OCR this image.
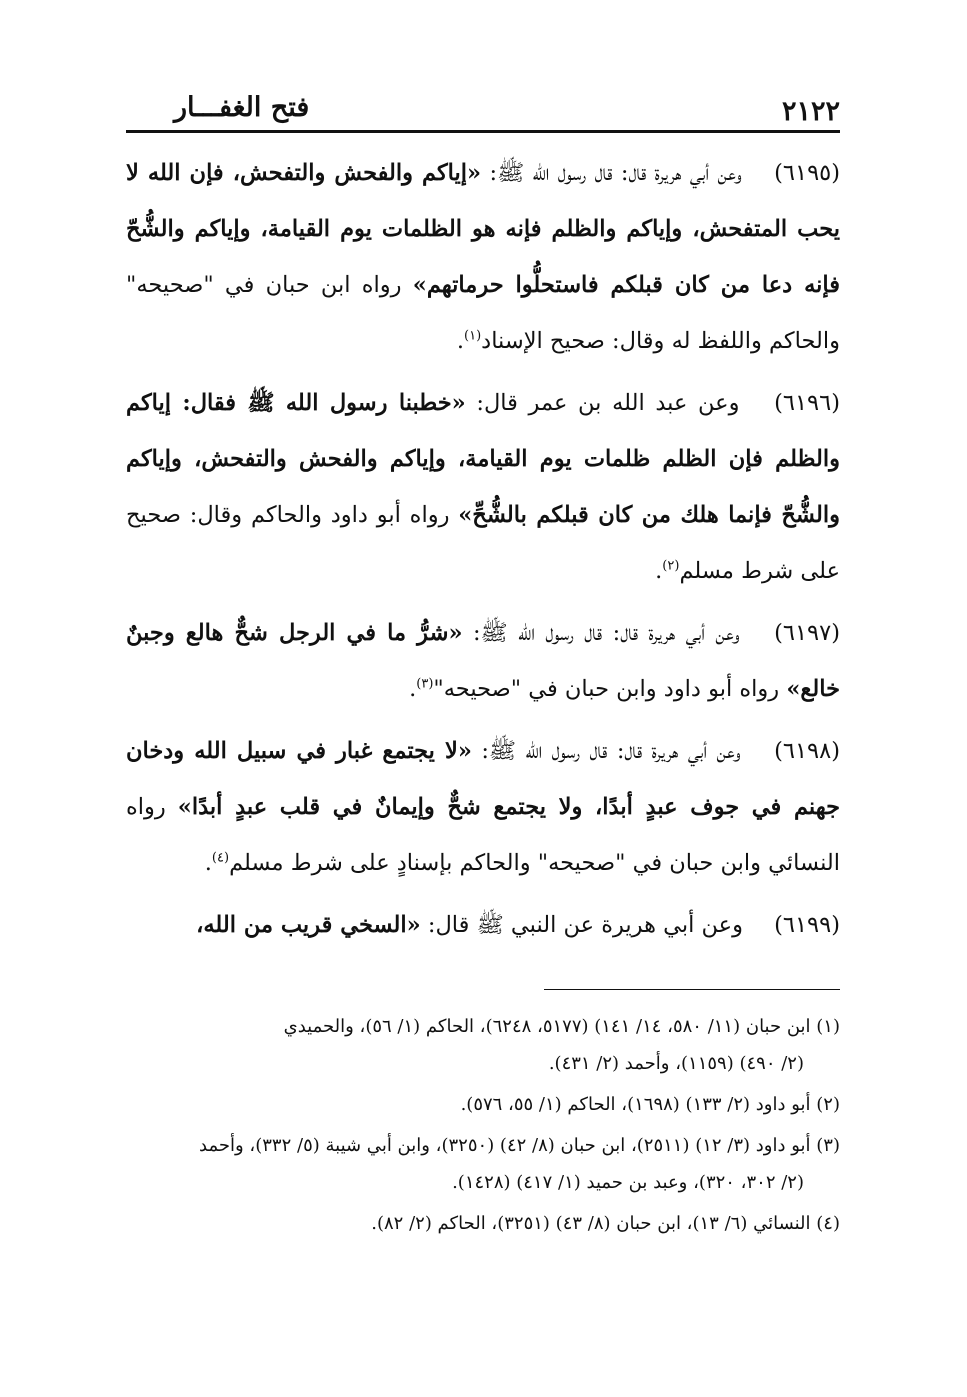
٢١٢٢
فتح الغفـــار

(٦١٩٥) وعن أبي هريرة قال: قال رسول الله ﷺ: «إياكم والفحش والتفحش، فإن الله لا يحب المتفحش، وإياكم والظلم فإنه هو الظلمات يوم القيامة، وإياكم والشُّحّ فإنه دعا من كان قبلكم فاستحلُّوا حرماتهم» رواه ابن حبان في "صحيحه" والحاكم واللفظ له وقال: صحيح الإسناد$^{(١)}$.

(٦١٩٦) وعن عبد الله بن عمر قال: «خطبنا رسول الله ﷺ فقال: إياكم والظلم فإن الظلم ظلمات يوم القيامة، وإياكم والفحش والتفحش، وإياكم والشُّحّ فإنما هلك من كان قبلكم بالشُّحِّ» رواه أبو داود والحاكم وقال: صحيح على شرط مسلم$^{(٢)}$.

(٦١٩٧) وعن أبي هريرة قال: قال رسول الله ﷺ: «شرُّ ما في الرجل شحٌّ هالع وجبنٌ خالع» رواه أبو داود وابن حبان في "صحيحه"$^{(٣)}$.

(٦١٩٨) وعن أبي هريرة قال: قال رسول الله ﷺ: «لا يجتمع غبار في سبيل الله ودخان جهنم في جوف عبدٍ أبدًا، ولا يجتمع شحٌّ وإيمانٌ في قلب عبدٍ أبدًا» رواه النسائي وابن حبان في "صحيحه" والحاكم بإسنادٍ على شرط مسلم$^{(٤)}$.

(٦١٩٩) وعن أبي هريرة عن النبي ﷺ قال: «السخي قريب من الله،

(١) ابن حبان (١١/ ٥٨٠، ١٤/ ١٤١) (٥١٧٧، ٦٢٤٨)، الحاكم (١/ ٥٦)، والحميدي
(٢/ ٤٩٠) (١١٥٩)، وأحمد (٢/ ٤٣١).

(٢) أبو داود (٢/ ١٣٣) (١٦٩٨)، الحاكم (١/ ٥٥، ٥٧٦).

(٣) أبو داود (٣/ ١٢) (٢٥١١)، ابن حبان (٨/ ٤٢) (٣٢٥٠)، وابن أبي شيبة (٥/ ٣٣٢)، وأحمد
(٢/ ٣٠٢، ٣٢٠)، وعبد بن حميد (١/ ٤١٧) (١٤٢٨).

(٤) النسائي (٦/ ١٣)، ابن حبان (٨/ ٤٣) (٣٢٥١)، الحاكم (٢/ ٨٢).
